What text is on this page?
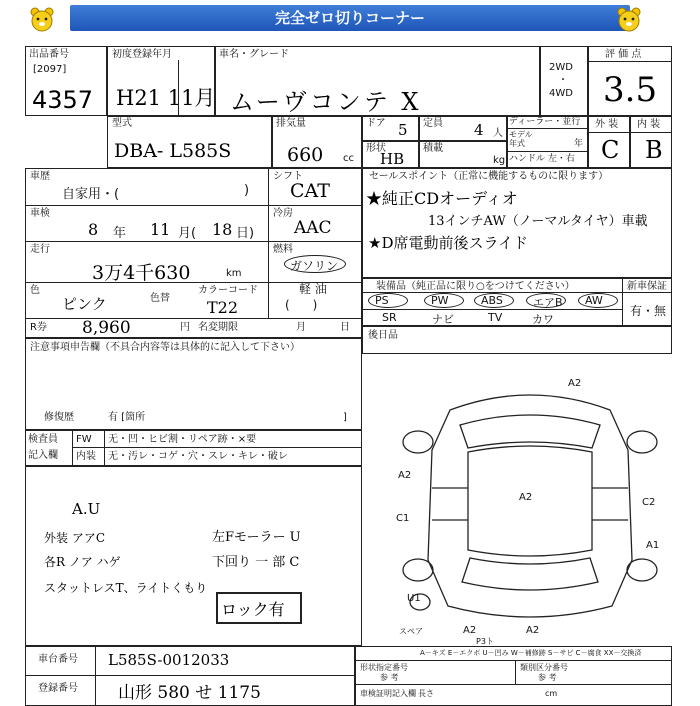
完全ゼロ切りコーナー
出品番号
[2097]
4357
初度登録年月
H21 11月
車名・グレード
ムーヴコンテ X
2WD
・
4WD
評 価 点
3.5
型式
DBA- L585S
排気量
660 cc
ドア 5 定員 4 人
形状
HB
積載
kg
ディーラー・並行
モデル
年式	年
ハンドル 左・右
外 装 内 装
C B
車歴
自家用・(	)
シフト
CAT
車検
8 年 11 月( 18 日)
冷房
AAC
走行
3万4千630	km
燃料
ガソリン
軽 油
(      )
色
ピンク	色替
カラーコード
T22
R券 8,960	円 名変期限	月	日
セールスポイント（正常に機能するものに限ります）
★純正CDオーディオ
13インチAW（ノーマルタイヤ）車載
★D席電動前後スライド
装備品（純正品に限り○をつけてください）	新車保証
PS	PW	ABS	エアB AW
SR	ナビ	TV	カワ
有・無
後日品
注意事項申告欄（不具合内容等は具体的に記入して下さい）
修復歴	有 [箇所	]
検査員
記入欄
FW 无・凹・ヒビ割・リペア跡・×要
内装 无・汚レ・コゲ・穴・スレ・キレ・破レ
A.U
外装 アアC
各R ノア ハゲ
スタットレスT、ライトくもり
左Fモーラー U
下回り 一 部 C
ロック有
A2
A2
A2
C1
C2
A1
U1
A2	A2
P3ト
スペア
車台番号 L585S-0012033
登録番号 山形 580 せ 1175
A－キズ E－エクボ U－凹み W－補修跡 S－サビ C－腐食 XX－交換済
形状指定番号	類別区分番号
参 考	参 考
車検証明記入欄 長さ	cm
